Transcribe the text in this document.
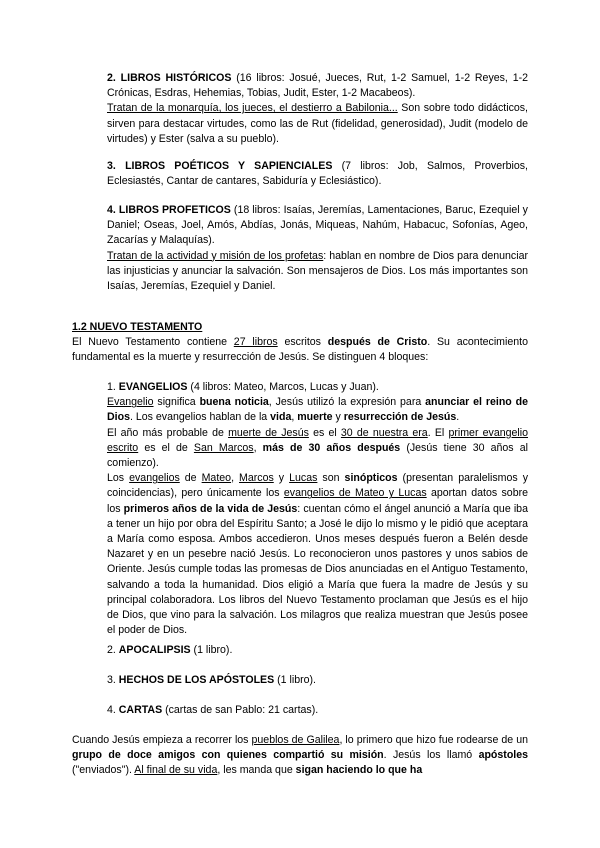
2. LIBROS HISTÓRICOS (16 libros: Josué, Jueces, Rut, 1-2 Samuel, 1-2 Reyes, 1-2 Crónicas, Esdras, Hehemias, Tobias, Judit, Ester, 1-2 Macabeos).

Tratan de la monarquía, los jueces, el destierro a Babilonia... Son sobre todo didácticos, sirven para destacar virtudes, como las de Rut (fidelidad, generosidad), Judit (modelo de virtudes) y Ester (salva a su pueblo).

3. LIBROS POÉTICOS Y SAPIENCIALES (7 libros: Job, Salmos, Proverbios, Eclesiastés, Cantar de cantares, Sabiduría y Eclesiástico).

4. LIBROS PROFETICOS (18 libros: Isaías, Jeremías, Lamentaciones, Baruc, Ezequiel y Daniel; Oseas, Joel, Amós, Abdías, Jonás, Miqueas, Nahúm, Habacuc, Sofonías, Ageo, Zacarías y Malaquías).

Tratan de la actividad y misión de los profetas: hablan en nombre de Dios para denunciar las injusticias y anunciar la salvación. Son mensajeros de Dios. Los más importantes son Isaías, Jeremías, Ezequiel y Daniel.

1.2 NUEVO TESTAMENTO

El Nuevo Testamento contiene 27 libros escritos después de Cristo. Su acontecimiento fundamental es la muerte y resurrección de Jesús. Se distinguen 4 bloques:

1. EVANGELIOS (4 libros: Mateo, Marcos, Lucas y Juan).

Evangelio significa buena noticia, Jesús utilizó la expresión para anunciar el reino de Dios. Los evangelios hablan de la vida, muerte y resurrección de Jesús.

El año más probable de muerte de Jesús es el 30 de nuestra era. El primer evangelio escrito es el de San Marcos, más de 30 años después (Jesús tiene 30 años al comienzo).

Los evangelios de Mateo, Marcos y Lucas son sinópticos (presentan paralelismos y coincidencias), pero únicamente los evangelios de Mateo y Lucas aportan datos sobre los primeros años de la vida de Jesús: cuentan cómo el ángel anunció a María que iba a tener un hijo por obra del Espíritu Santo; a José le dijo lo mismo y le pidió que aceptara a María como esposa. Ambos accedieron. Unos meses después fueron a Belén desde Nazaret y en un pesebre nació Jesús. Lo reconocieron unos pastores y unos sabios de Oriente. Jesús cumple todas las promesas de Dios anunciadas en el Antiguo Testamento, salvando a toda la humanidad. Dios eligió a María que fuera la madre de Jesús y su principal colaboradora. Los libros del Nuevo Testamento proclaman que Jesús es el hijo de Dios, que vino para la salvación. Los milagros que realiza muestran que Jesús posee el poder de Dios.

2. APOCALIPSIS (1 libro).

3. HECHOS DE LOS APÓSTOLES (1 libro).

4. CARTAS (cartas de san Pablo: 21 cartas).

Cuando Jesús empieza a recorrer los pueblos de Galilea, lo primero que hizo fue rodearse de un grupo de doce amigos con quienes compartió su misión. Jesús los llamó apóstoles ("enviados"). Al final de su vida, les manda que sigan haciendo lo que ha
